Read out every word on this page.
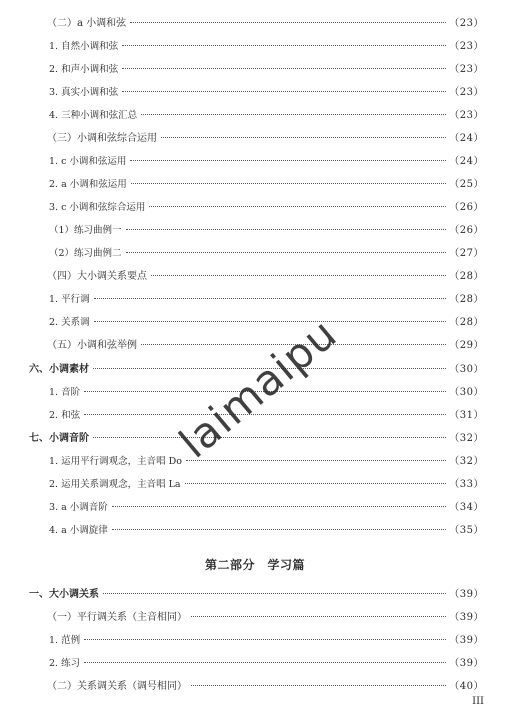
（二）a 小调和弦	（23）
1. 自然小调和弦	（23）
2. 和声小调和弦	（23）
3. 真实小调和弦	（23）
4. 三种小调和弦汇总	（23）
（三）小调和弦综合运用	（24）
1. c 小调和弦运用	（24）
2. a 小调和弦运用	（25）
3. c 小调和弦综合运用	（26）
（1）练习曲例一	（26）
（2）练习曲例二	（27）
（四）大小调关系要点	（28）
1. 平行调	（28）
2. 关系调	（28）
（五）小调和弦举例	（29）
六、小调素材	（30）
1. 音阶	（30）
2. 和弦	（31）
七、小调音阶	（32）
1. 运用平行调观念，主音唱 Do	（32）
2. 运用关系调观念，主音唱 La	（33）
3. a 小调音阶	（34）
4. a 小调旋律	（35）
第二部分　学习篇
一、大小调关系	（39）
（一）平行调关系（主音相同）	（39）
1. 范例	（39）
2. 练习	（39）
（二）关系调关系（调号相同）	（40）
III
laimaipu
